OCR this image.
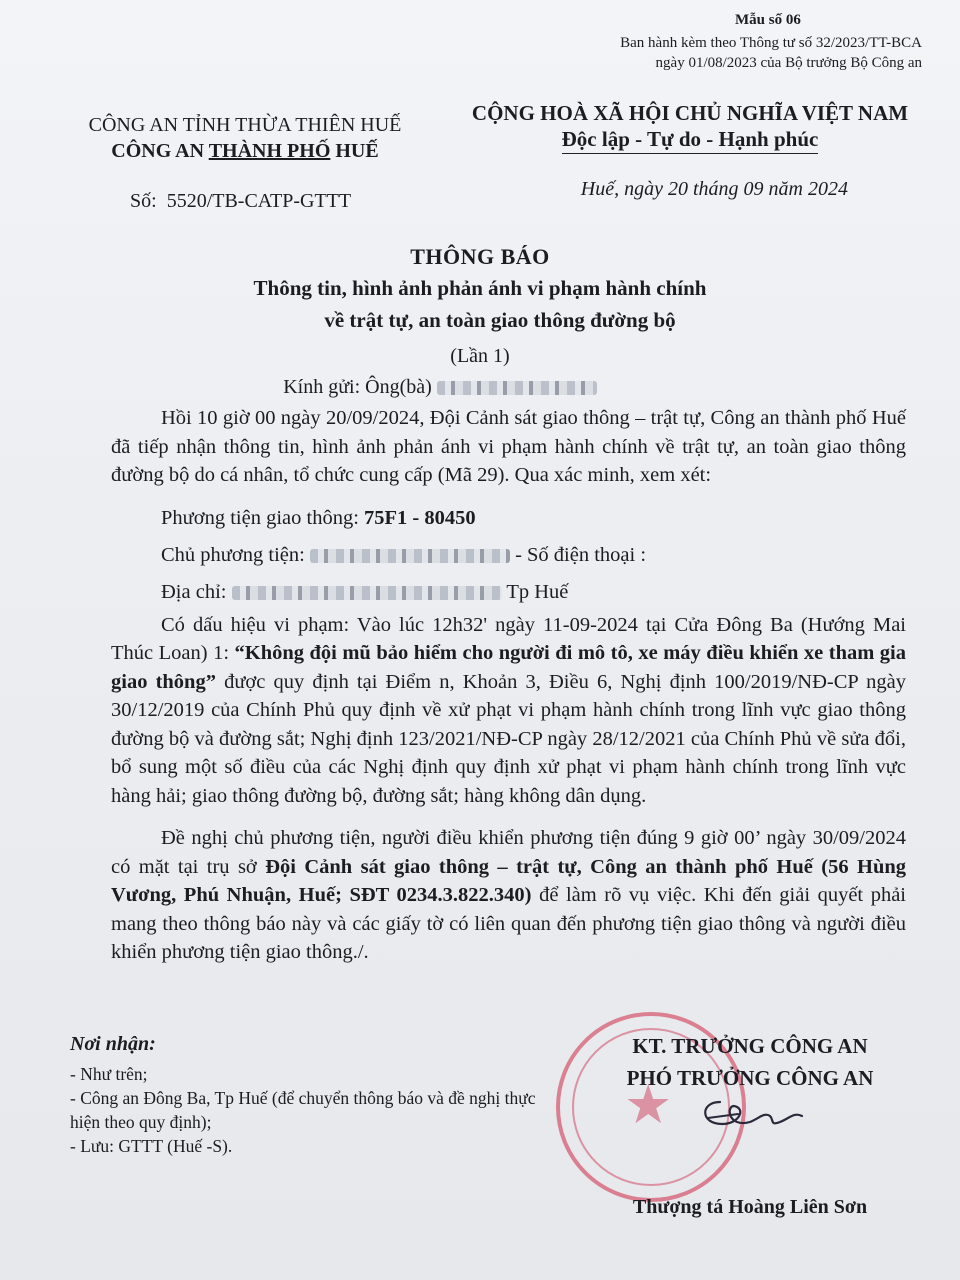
Mẫu số 06
Ban hành kèm theo Thông tư số 32/2023/TT-BCA
ngày 01/08/2023 của Bộ trưởng Bộ Công an
CÔNG AN TỈNH THỪA THIÊN HUẾ
CÔNG AN THÀNH PHỐ HUẾ
CỘNG HOÀ XÃ HỘI CHỦ NGHĨA VIỆT NAM
Độc lập - Tự do - Hạnh phúc
Số: 5520/TB-CATP-GTTT
Huế, ngày 20 tháng 09 năm 2024
THÔNG BÁO
Thông tin, hình ảnh phản ánh vi phạm hành chính
về trật tự, an toàn giao thông đường bộ
(Lần 1)
Kính gửi: Ông(bà)

Hồi 10 giờ 00 ngày 20/09/2024, Đội Cảnh sát giao thông – trật tự, Công an thành phố Huế đã tiếp nhận thông tin, hình ảnh phản ánh vi phạm hành chính về trật tự, an toàn giao thông đường bộ do cá nhân, tổ chức cung cấp (Mã 29). Qua xác minh, xem xét:

Phương tiện giao thông: 75F1 - 80450

Chủ phương tiện:	- Số điện thoại :

Địa chỉ:	Tp Huế

Có dấu hiệu vi phạm: Vào lúc 12h32' ngày 11-09-2024 tại Cửa Đông Ba (Hướng Mai Thúc Loan) 1: “Không đội mũ bảo hiểm cho người đi mô tô, xe máy điều khiển xe tham gia giao thông” được quy định tại Điểm n, Khoản 3, Điều 6, Nghị định 100/2019/NĐ-CP ngày 30/12/2019 của Chính Phủ quy định về xử phạt vi phạm hành chính trong lĩnh vực giao thông đường bộ và đường sắt; Nghị định 123/2021/NĐ-CP ngày 28/12/2021 của Chính Phủ về sửa đổi, bổ sung một số điều của các Nghị định quy định xử phạt vi phạm hành chính trong lĩnh vực hàng hải; giao thông đường bộ, đường sắt; hàng không dân dụng.

Đề nghị chủ phương tiện, người điều khiển phương tiện đúng 9 giờ 00’ ngày 30/09/2024 có mặt tại trụ sở Đội Cảnh sát giao thông – trật tự, Công an thành phố Huế (56 Hùng Vương, Phú Nhuận, Huế; SĐT 0234.3.822.340) để làm rõ vụ việc. Khi đến giải quyết phải mang theo thông báo này và các giấy tờ có liên quan đến phương tiện giao thông và người điều khiển phương tiện giao thông./.

Nơi nhận:
- Như trên;
- Công an Đông Ba, Tp Huế (để chuyển thông báo và đề nghị thực hiện theo quy định);
- Lưu: GTTT (Huế -S).
★
KT. TRƯỞNG CÔNG AN
PHÓ TRƯỞNG CÔNG AN
Thượng tá Hoàng Liên Sơn
